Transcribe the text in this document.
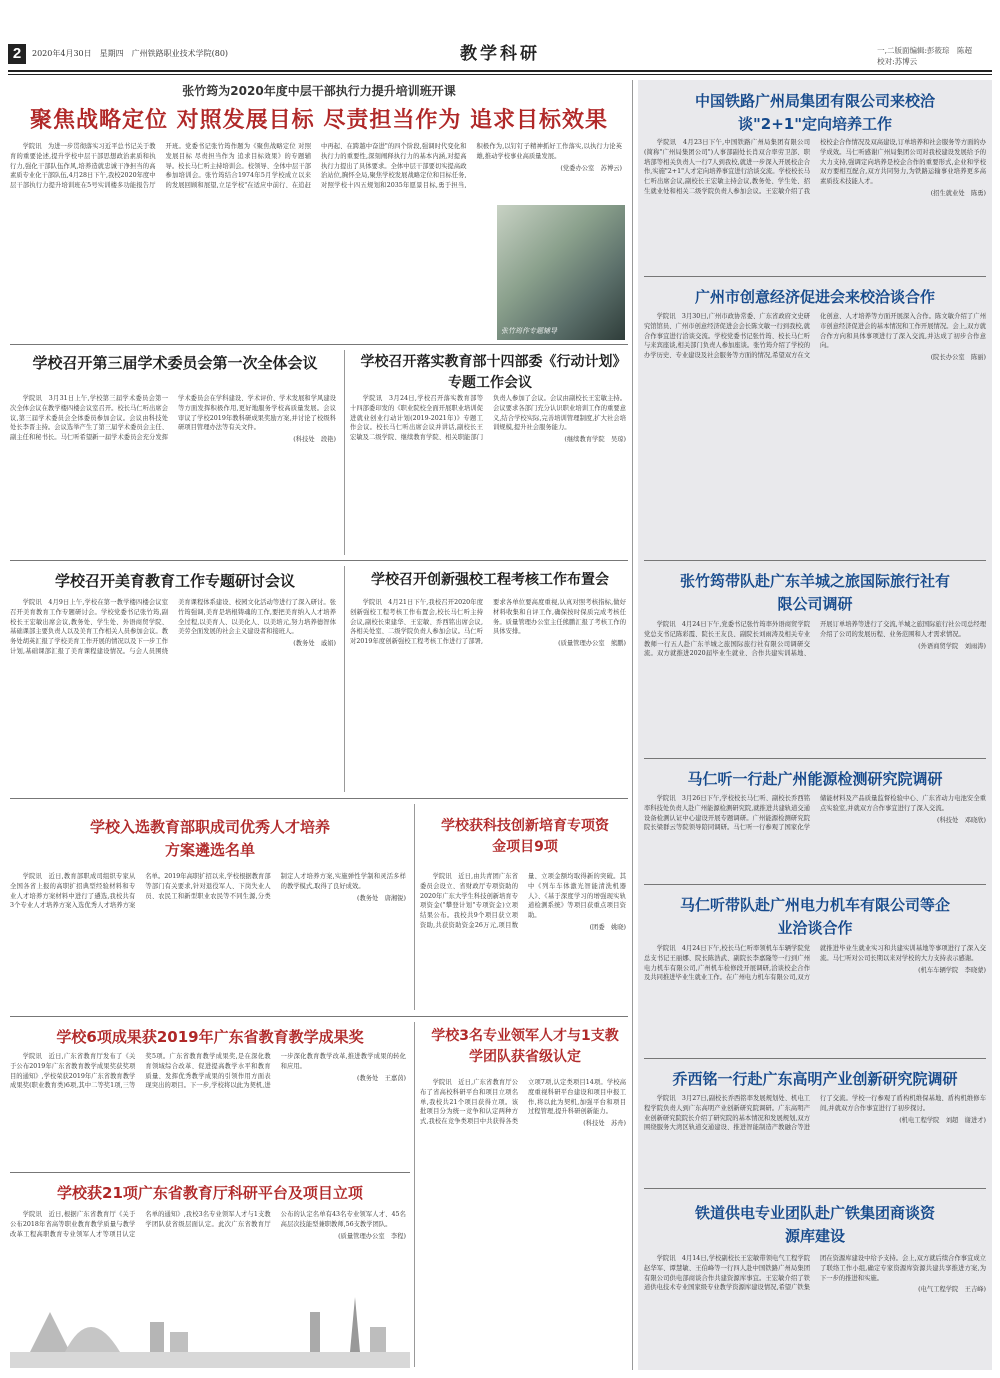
2	2020年4月30日　星期四　广州铁路职业技术学院(80)	教学科研	一,二版面编辑:彭筱琮　陈超
校对:苏博云
张竹筠为2020年度中层干部执行力提升培训班开课
聚焦战略定位 对照发展目标 尽责担当作为 追求目标效果

学院讯　为进一步贯彻落实习近平总书记关于教育的重要论述,提升学校中层干部思想政治素质和执行力,强化干部队伍作风,培养造就忠诚干净担当的高素质专业化干部队伍,4月28日下午,我校2020年度中层干部执行力提升培训班在5号实训楼多功能报告厅开班。党委书记张竹筠作题为《聚焦战略定位 对照发展目标 尽责担当作为 追求目标效果》的专题辅导。校长马仁听主持培训会。校领导、全体中层干部参加培训会。张竹筠结合1974年5月学校成立以来的发展回顾和展望,立足学校"在适应中前行、在追赶中再起、在跨越中奋进"的四个阶段,强调时代变化和执行力的重要性,深刻阐释执行力的基本内涵,对提高执行力提出了具体要求。全体中层干部要切实提高政治站位,胸怀全局,聚焦学校发展战略定位和目标任务,对照学校十四五规划和2035年愿景目标,勇于担当,积极作为,以钉钉子精神抓好工作落实,以执行力论英雄,推动学校事业高质量发展。

(党委办公室　苏博云)
张竹筠作专题辅导
学校召开第三届学术委员会第一次全体会议

学院讯　3月31日上午,学校第三届学术委员会第一次全体会议在教学楼四楼会议室召开。校长马仁听出席会议,第三届学术委员会全体委员参加会议。会议由科技处处长李晋主持。会议选举产生了第三届学术委员会主任、副主任和秘书长。马仁听希望新一届学术委员会充分发挥学术委员会在学科建设、学术评价、学术发展和学风建设等方面发挥积极作用,更好地服务学校高质量发展。会议审议了学校2019年教科研成果奖励方案,并讨论了校级科研项目管理办法等有关文件。

(科技处　段艳)
学校召开落实教育部十四部委《行动计划》专题工作会议

学院讯　3月24日,学校召开落实教育部等十四部委印发的《职业院校全面开展职业培训促进就业创业行动计划(2019-2021年)》专题工作会议。校长马仁听出席会议并讲话,副校长王宏敏及二级学院、继续教育学院、相关职能部门负责人参加了会议。会议由副校长王宏敏主持。会议要求各部门充分认识职业培训工作的重要意义,结合学校实际,完善培训管理制度,扩大社会培训规模,提升社会服务能力。

(继续教育学院　吴琼)
学校召开美育教育工作专题研讨会议

学院讯　4月9日上午,学校在第一教学楼四楼会议室召开美育教育工作专题研讨会。学校党委书记张竹筠,副校长王宏敏出席会议,教务处、学生处、外语商贸学院、基础课部主要负责人以及美育工作相关人员参加会议。教务处胡英汇报了学校美育工作开展的情况以及下一步工作计划,基础课部汇报了美育课程建设情况。与会人员围绕美育课程体系建设、校园文化活动等进行了深入研讨。张竹筠强调,美育是培根铸魂的工作,要把美育纳入人才培养全过程,以美育人、以美化人、以美培元,努力培养德智体美劳全面发展的社会主义建设者和接班人。

(教务处　戚娟)
学校召开创新强校工程考核工作布置会

学院讯　4月21日下午,我校召开2020年度创新强校工程考核工作布置会,校长马仁听主持会议,副校长束建华、王宏敏、乔西铭出席会议,各相关处室、二级学院负责人参加会议。马仁听对2019年度创新强校工程考核工作进行了部署,要求各单位要高度重视,认真对照考核指标,做好材料收集和自评工作,确保按时保质完成考核任务。质量管理办公室主任熊鹏汇报了考核工作的具体安排。

(质量管理办公室　熊鹏)
学校入选教育部职成司优秀人才培养方案遴选名单

学院讯　近日,教育部职成司组织专家从全国各省上报的高职扩招典型经验材料和专业人才培养方案材料中进行了遴选,我校共有3个专业人才培养方案入选优秀人才培养方案名单。2019年高职扩招以来,学校根据教育部等部门有关要求,针对退役军人、下岗失业人员、农民工和新型职业农民等不同生源,分类制定人才培养方案,实施弹性学制和灵活多样的教学模式,取得了良好成效。

(教务处　唐湘锐)
学校获科技创新培育专项资金项目9项

学院讯　近日,由共青团广东省委员会设立、省财政厅专项资助的2020年广东大学生科技创新培育专项资金("攀登计划"专项资金)立项结果公布。我校共9个项目获立项资助,共获资助资金26万元,项目数量、立项金额均取得新的突破。其中《列车车体激光智能清洗机器人》、《基于深度学习的增强现实轨道检测系统》等项目获重点项目资助。

(团委　姚晓)
学校6项成果获2019年广东省教育教学成果奖

学院讯　近日,广东省教育厅发布了《关于公布2019年广东省教育教学成果奖获奖项目的通知》,学校荣获2019年广东省教育教学成果奖(职业教育类)6项,其中二等奖1项,三等奖5项。广东省教育教学成果奖,是在深化教育领域综合改革、促进提高教学水平和教育质量、发挥优秀教学成果的引领作用方面表现突出的项目。下一步,学校将以此为契机,进一步深化教育教学改革,推进教学成果的转化和应用。

(教务处　王嘉茵)
学校3名专业领军人才与1支教学团队获省级认定

学院讯　近日,广东省教育厅公布了省高校科研平台和项目立项名单,我校共21个项目获得立项。该批项目分为统一竞争和认定两种方式,我校在竞争类项目中共获得各类立项7项,认定类项目14项。学校高度重视科研平台建设和项目申报工作,将以此为契机,加强平台和项目过程管理,提升科研创新能力。

(科技处　苏舟)
学校获21项广东省教育厅科研平台及项目立项

学院讯　近日,根据广东省教育厅《关于公布2018年省高等职业教育教学质量与教学改革工程高职教育专业领军人才等项目认定名单的通知》,我校3名专业领军人才与1支教学团队获省级层面认定。此次广东省教育厅公布的认定名单有43名专业领军人才、45名高层次技能型兼职教师,56支教学团队。

(质量管理办公室　李程)
中国铁路广州局集团有限公司来校洽谈"2+1"定向培养工作

学院讯　4月23日下午,中国铁路广州局集团有限公司(简称"广州局集团公司")人事部副处长肖双合率劳卫部、职培部等相关负责人一行7人到我校,就进一步深入开展校企合作,实施"2+1"人才定向培养事宜进行洽谈交流。学校校长马仁听出席会议,副校长王宏敏主持会议,教务处、学生处、招生就业处和相关二级学院负责人参加会议。王宏敏介绍了我校校企合作情况及双高建设,订单培养和社会服务等方面的办学成效。马仁听感谢广州局集团公司对我校建设发展给予的大力支持,强调定向培养是校企合作的重要形式,企业和学校双方要相互配合,双方共同努力,为铁路运输事业培养更多高素质技术技能人才。

(招生就业处　陈勇)
广州市创意经济促进会来校洽谈合作

学院讯　3月30日,广州市政协常委、广东省政府文史研究馆馆员、广州市创意经济促进会会长陈文敏一行到我校,就合作事宜进行洽谈交流。学校党委书记张竹筠、校长马仁听与来宾座谈,相关部门负责人参加座谈。张竹筠介绍了学校的办学历史、专业建设及社会服务等方面的情况,希望双方在文化创意、人才培养等方面开展深入合作。陈文敏介绍了广州市创意经济促进会的基本情况和工作开展情况。会上,双方就合作方向和具体事项进行了深入交流,并达成了初步合作意向。

(院长办公室　陈丽)
张竹筠带队赴广东羊城之旅国际旅行社有限公司调研

学院讯　4月24日下午,党委书记张竹筠率外语商贸学院党总支书记陈彩霞、院长王友良、副院长刘雨涛及相关专业教师一行五人赴广东羊城之旅国际旅行社有限公司调研交流。双方就推进2020届毕业生就业、合作共建实训基地、开展订单培养等进行了交流,羊城之旅国际旅行社公司总经理介绍了公司的发展历程、业务范围和人才需求情况。

(外语商贸学院　刘雨涛)
马仁听一行赴广州能源检测研究院调研

学院讯　3月26日下午,学校校长马仁听、副校长乔西铭率科技处负责人赴广州能源检测研究院,就推进共建轨道交通设备检测认证中心建设开展专题调研。广州能源检测研究院院长梁群云等院领导陪同调研。马仁听一行参观了国家化学储能材料及产品质量监督检验中心、广东省动力电池安全重点实验室,并就双方合作事宜进行了深入交流。

(科技处　邓晓欣)
马仁听带队赴广州电力机车有限公司等企业洽谈合作

学院讯　4月24日下午,校长马仁听率领机车车辆学院党总支书记王丽娜、院长陈浩武、副院长李嘉隆等一行到广州电力机车有限公司,广州机车检修段开展调研,洽谈校企合作及共同推进毕业生就业工作。在广州电力机车有限公司,双方就推进毕业生就业实习和共建实训基地等事项进行了深入交流。马仁听对公司长期以来对学校的大力支持表示感谢。

(机车车辆学院　李晓蒙)
乔西铭一行赴广东高明产业创新研究院调研

学院讯　3月27日,副校长乔西铭率发展规划处、机电工程学院负责人到广东高明产业创新研究院调研。广东高明产业创新研究院院长介绍了研究院的基本情况和发展规划,双方围绕服务大湾区轨道交通建设、推进智能制造产教融合等进行了交流。学校一行参观了盾构机维保基地、盾构机维修车间,并就双方合作事宜进行了初步探讨。

(机电工程学院　刘超　谢进才)
铁道供电专业团队赴广铁集团商谈资源库建设

学院讯　4月14日,学校副校长王宏敏带领电气工程学院赵华军、谭慧敏、王伯峰等一行四人赴中国铁路广州局集团有限公司供电部商谈合作共建资源库事宜。王宏敏介绍了铁道供电技术专业国家级专业教学资源库建设情况,希望广铁集团在资源库建设中给予支持。会上,双方就后续合作事宜成立了联络工作小组,确定专家资源库资源共建共享推进方案,为下一步的推进和实施。

(电气工程学院　王吉峰)
